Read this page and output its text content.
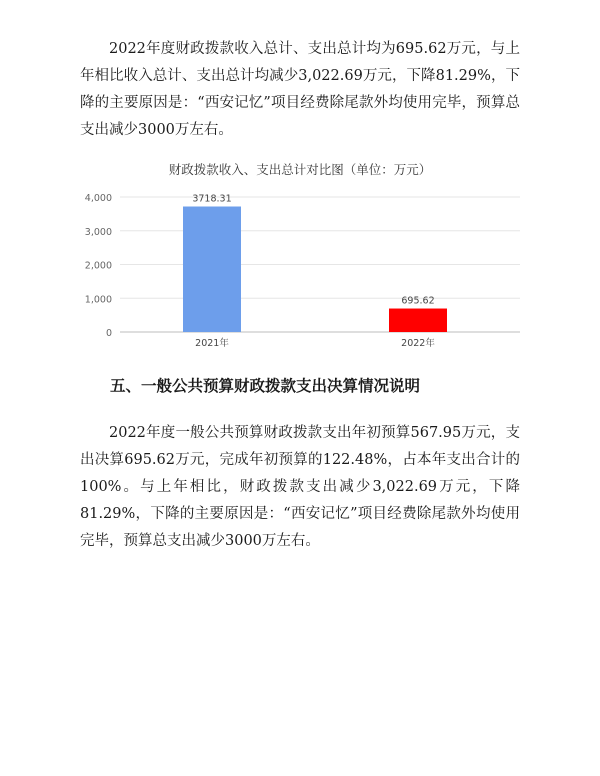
2022年度财政拨款收入总计、支出总计均为695.62万元，与上年相比收入总计、支出总计均减少3,022.69万元，下降81.29%，下降的主要原因是：“西安记忆”项目经费除尾款外均使用完毕，预算总支出减少3000万左右。

财政拨款收入、支出总计对比图（单位：万元）
0
1,000
2,000
3,000
4,000	3718.31
2021年
695.62
2022年
五、一般公共预算财政拨款支出决算情况说明

2022年度一般公共预算财政拨款支出年初预算567.95万元，支出决算695.62万元，完成年初预算的122.48%，占本年支出合计的100%。与上年相比，财政拨款支出减少3,022.69万元，下降81.29%，下降的主要原因是：“西安记忆”项目经费除尾款外均使用完毕，预算总支出减少3000万左右。
